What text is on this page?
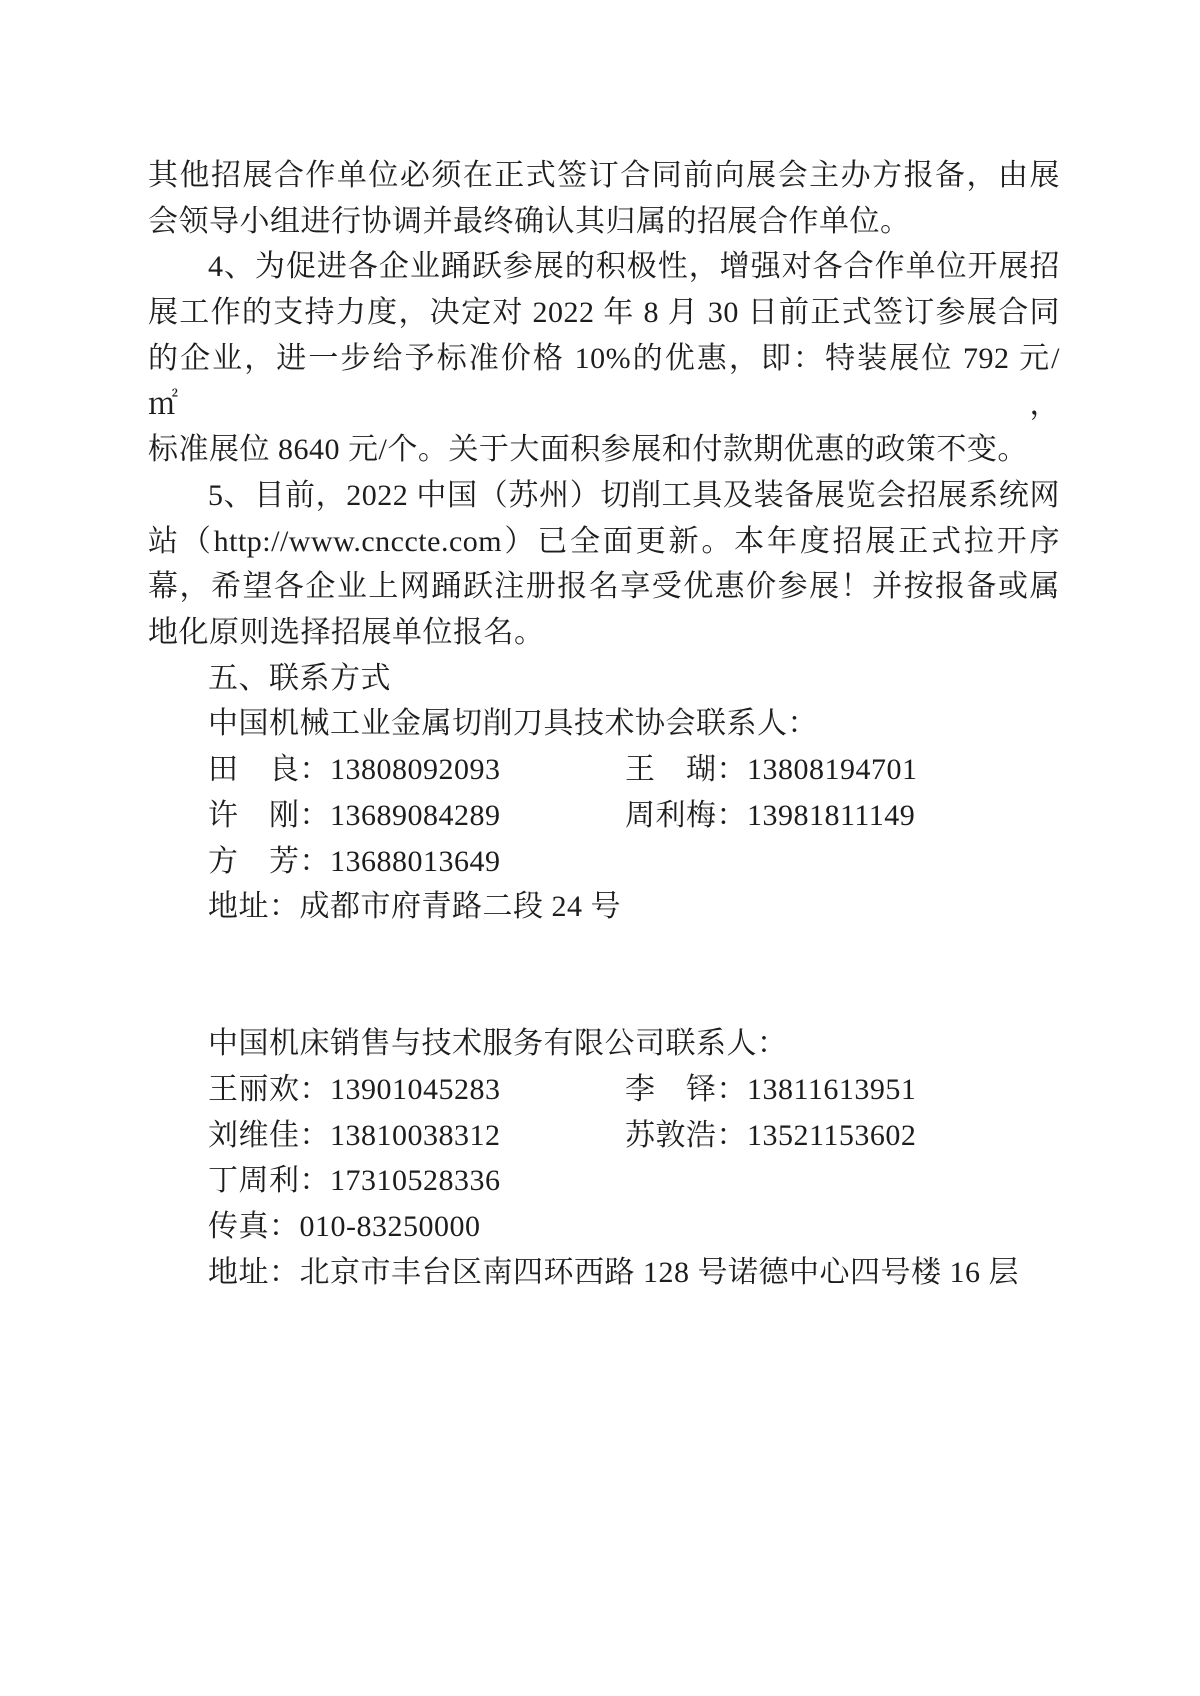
其他招展合作单位必须在正式签订合同前向展会主办方报备，由展
会领导小组进行协调并最终确认其归属的招展合作单位。
4、为促进各企业踊跃参展的积极性，增强对各合作单位开展招
展工作的支持力度，决定对 2022 年 8 月 30 日前正式签订参展合同
的企业，进一步给予标准价格 10%的优惠，即：特装展位 792 元/㎡，
标准展位 8640 元/个。关于大面积参展和付款期优惠的政策不变。
5、目前，2022 中国（苏州）切削工具及装备展览会招展系统网
站（http://www.cnccte.com）已全面更新。本年度招展正式拉开序
幕，希望各企业上网踊跃注册报名享受优惠价参展！并按报备或属
地化原则选择招展单位报名。
五、联系方式
中国机械工业金属切削刀具技术协会联系人：
田　良：13808092093	王　瑚：13808194701
许　刚：13689084289	周利梅：13981811149
方　芳：13688013649
地址：成都市府青路二段 24 号
中国机床销售与技术服务有限公司联系人：
王丽欢：13901045283	李　铎：13811613951
刘维佳：13810038312	苏敦浩：13521153602
丁周利：17310528336
传真：010-83250000
地址：北京市丰台区南四环西路 128 号诺德中心四号楼 16 层
